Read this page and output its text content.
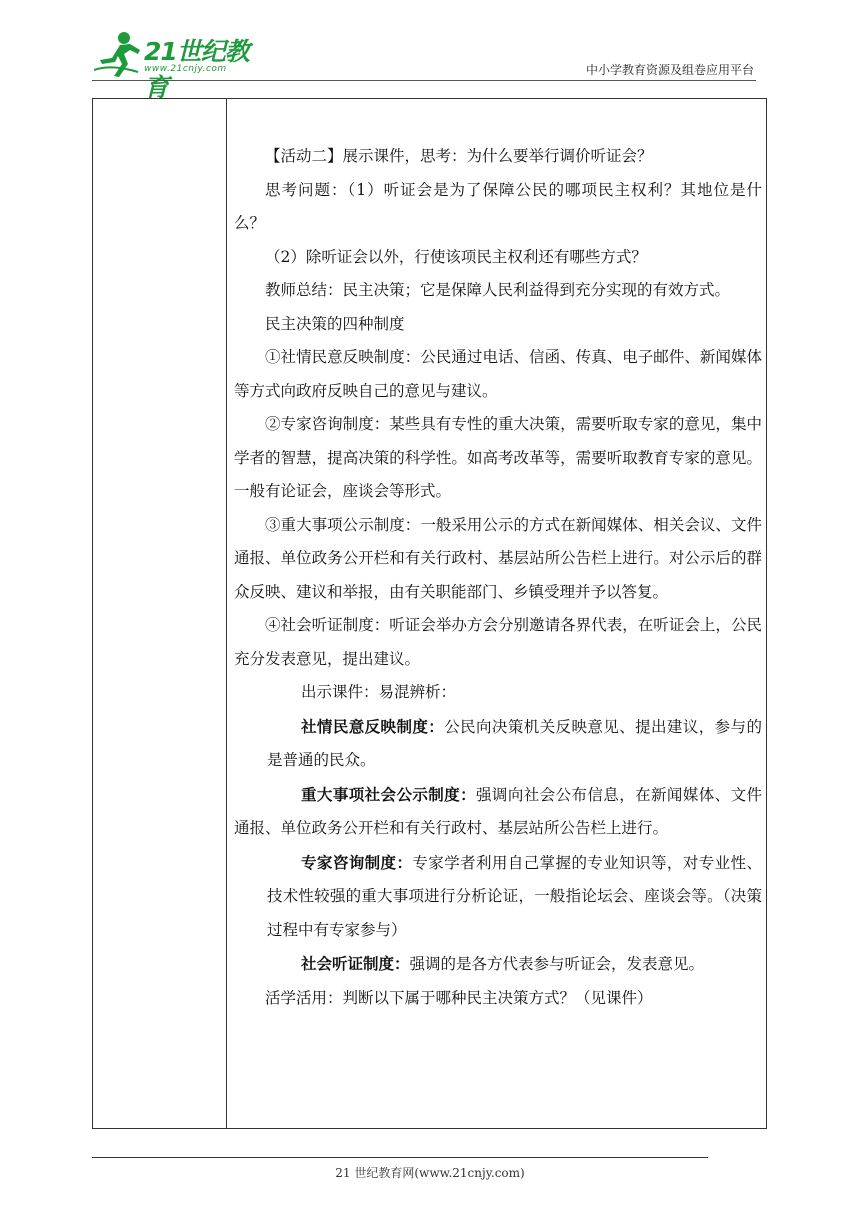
21世纪教育
www.21cnjy.com	中小学教育资源及组卷应用平台

【活动二】展示课件，思考：为什么要举行调价听证会？

思考问题：（1）听证会是为了保障公民的哪项民主权利？其地位是什么？

（2）除听证会以外，行使该项民主权利还有哪些方式？

教师总结：民主决策；它是保障人民利益得到充分实现的有效方式。

民主决策的四种制度

①社情民意反映制度：公民通过电话、信函、传真、电子邮件、新闻媒体等方式向政府反映自己的意见与建议。

②专家咨询制度：某些具有专性的重大决策，需要听取专家的意见，集中学者的智慧，提高决策的科学性。如高考改革等，需要听取教育专家的意见。一般有论证会，座谈会等形式。

③重大事项公示制度：一般采用公示的方式在新闻媒体、相关会议、文件通报、单位政务公开栏和有关行政村、基层站所公告栏上进行。对公示后的群众反映、建议和举报，由有关职能部门、乡镇受理并予以答复。

④社会听证制度：听证会举办方会分别邀请各界代表，在听证会上，公民充分发表意见，提出建议。

出示课件：易混辨析：

社情民意反映制度：公民向决策机关反映意见、提出建议，参与的是普通的民众。

重大事项社会公示制度：强调向社会公布信息，在新闻媒体、文件通报、单位政务公开栏和有关行政村、基层站所公告栏上进行。

专家咨询制度：专家学者利用自己掌握的专业知识等，对专业性、技术性较强的重大事项进行分析论证，一般指论坛会、座谈会等。（决策过程中有专家参与）

社会听证制度：强调的是各方代表参与听证会，发表意见。

活学活用：判断以下属于哪种民主决策方式？（见课件）

21 世纪教育网(www.21cnjy.com)
